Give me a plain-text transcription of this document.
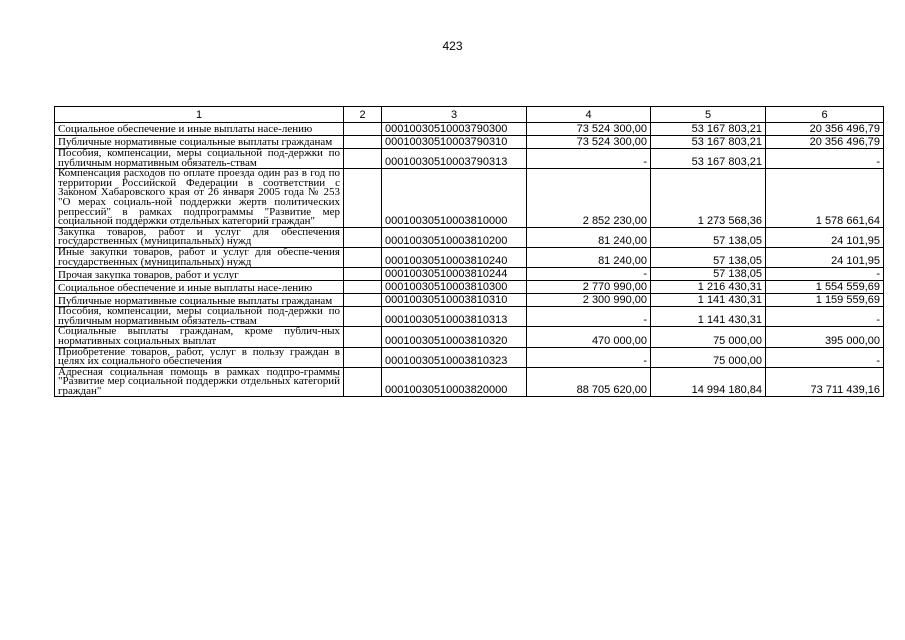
423
1	2	3	4	5	6
Социальное обеспечение и иные выплаты насе-лению		00010030510003790300	73 524 300,00	53 167 803,21	20 356 496,79
Публичные нормативные социальные выплаты гражданам		00010030510003790310	73 524 300,00	53 167 803,21	20 356 496,79
Пособия, компенсации, меры социальной под-держки по публичным нормативным обязатель-ствам		00010030510003790313	-	53 167 803,21	-
Компенсация расходов по оплате проезда один раз в год по территории Российской Федерации в соответствии с Законом Хабаровского края от 26 января 2005 года № 253 "О мерах социаль-ной поддержки жертв политических репрессий" в рамках подпрограммы "Развитие мер социальной поддержки отдельных категорий граждан"		00010030510003810000	2 852 230,00	1 273 568,36	1 578 661,64
Закупка товаров, работ и услуг для обеспечения государственных (муниципальных) нужд		00010030510003810200	81 240,00	57 138,05	24 101,95
Иные закупки товаров, работ и услуг для обеспе-чения государственных (муниципальных) нужд		00010030510003810240	81 240,00	57 138,05	24 101,95
Прочая закупка товаров, работ и услуг		00010030510003810244	-	57 138,05	-
Социальное обеспечение и иные выплаты насе-лению		00010030510003810300	2 770 990,00	1 216 430,31	1 554 559,69
Публичные нормативные социальные выплаты гражданам		00010030510003810310	2 300 990,00	1 141 430,31	1 159 559,69
Пособия, компенсации, меры социальной под-держки по публичным нормативным обязатель-ствам		00010030510003810313	-	1 141 430,31	-
Социальные выплаты гражданам, кроме публич-ных нормативных социальных выплат		00010030510003810320	470 000,00	75 000,00	395 000,00
Приобретение товаров, работ, услуг в пользу граждан в целях их социального обеспечения		00010030510003810323	-	75 000,00	-
Адресная социальная помощь в рамках подпро-граммы "Развитие мер социальной поддержки отдельных категорий граждан"		00010030510003820000	88 705 620,00	14 994 180,84	73 711 439,16
